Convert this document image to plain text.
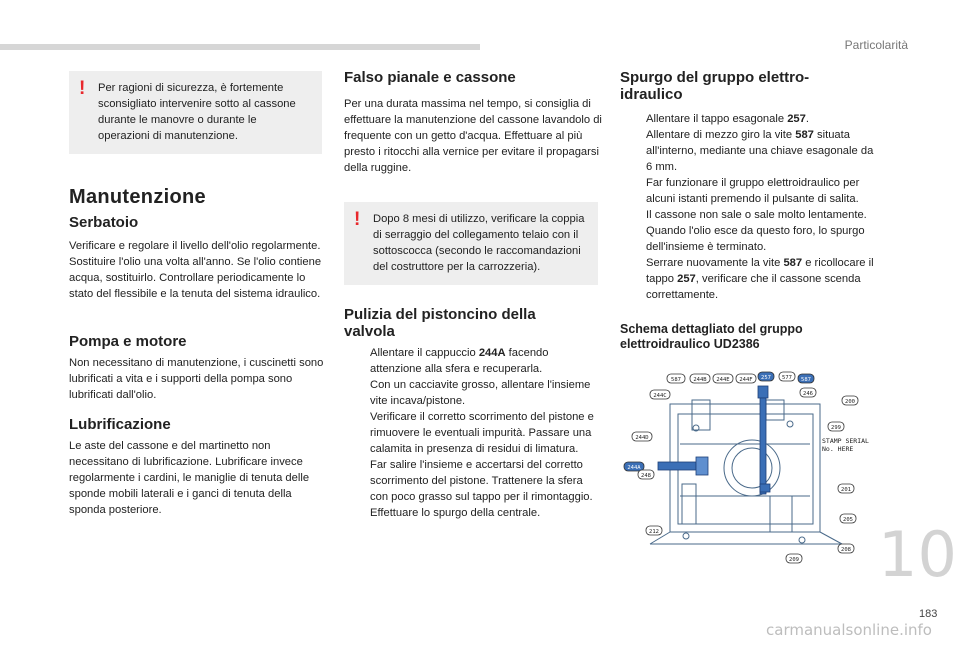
Particolarità
! Per ragioni di sicurezza, è fortemente sconsigliato intervenire sotto al cassone durante le manovre o durante le operazioni di manutenzione.
Manutenzione
Serbatoio

Verificare e regolare il livello dell'olio regolarmente. Sostituire l'olio una volta all'anno. Se l'olio contiene acqua, sostituirlo. Controllare periodicamente lo stato del flessibile e la tenuta del sistema idraulico.

Pompa e motore

Non necessitano di manutenzione, i cuscinetti sono lubrificati a vita e i supporti della pompa sono lubrificati dall'olio.

Lubrificazione

Le aste del cassone e del martinetto non necessitano di lubrificazione. Lubrificare invece regolarmente i cardini, le maniglie di tenuta delle sponde mobili laterali e i ganci di tenuta della sponda posteriore.

Falso pianale e cassone

Per una durata massima nel tempo, si consiglia di effettuare la manutenzione del cassone lavandolo di frequente con un getto d'acqua. Effettuare al più presto i ritocchi alla vernice per evitare il propagarsi della ruggine.

! Dopo 8 mesi di utilizzo, verificare la coppia di serraggio del collegamento telaio con il sottoscocca (secondo le raccomandazioni del costruttore per la carrozzeria).
Pulizia del pistoncino della valvola
Allentare il cappuccio 244A facendo attenzione alla sfera e recuperarla.
Con un cacciavite grosso, allentare l'insieme vite incava/pistone.
Verificare il corretto scorrimento del pistone e rimuovere le eventuali impurità. Passare una calamita in presenza di residui di limatura.
Far salire l'insieme e accertarsi del corretto scorrimento del pistone. Trattenere la sfera con poco grasso sul tappo per il rimontaggio.
Effettuare lo spurgo della centrale.
Spurgo del gruppo elettro-idraulico
Allentare il tappo esagonale 257.
Allentare di mezzo giro la vite 587 situata all'interno, mediante una chiave esagonale da 6 mm.
Far funzionare il gruppo elettroidraulico per alcuni istanti premendo il pulsante di salita.
Il cassone non sale o sale molto lentamente. Quando l'olio esce da questo foro, lo spurgo dell'insieme è terminato.
Serrare nuovamente la vite 587 e ricollocare il tappo 257, verificare che il cassone scenda correttamente.
Schema dettagliato del gruppo elettroidraulico UD2386
587 244B 244E 244F 257 577 587
244C
244D
246
200
299
244A
248
201
205
208
209
212
STAMP SERIAL
No. HERE
10
183
carmanualsonline.info
